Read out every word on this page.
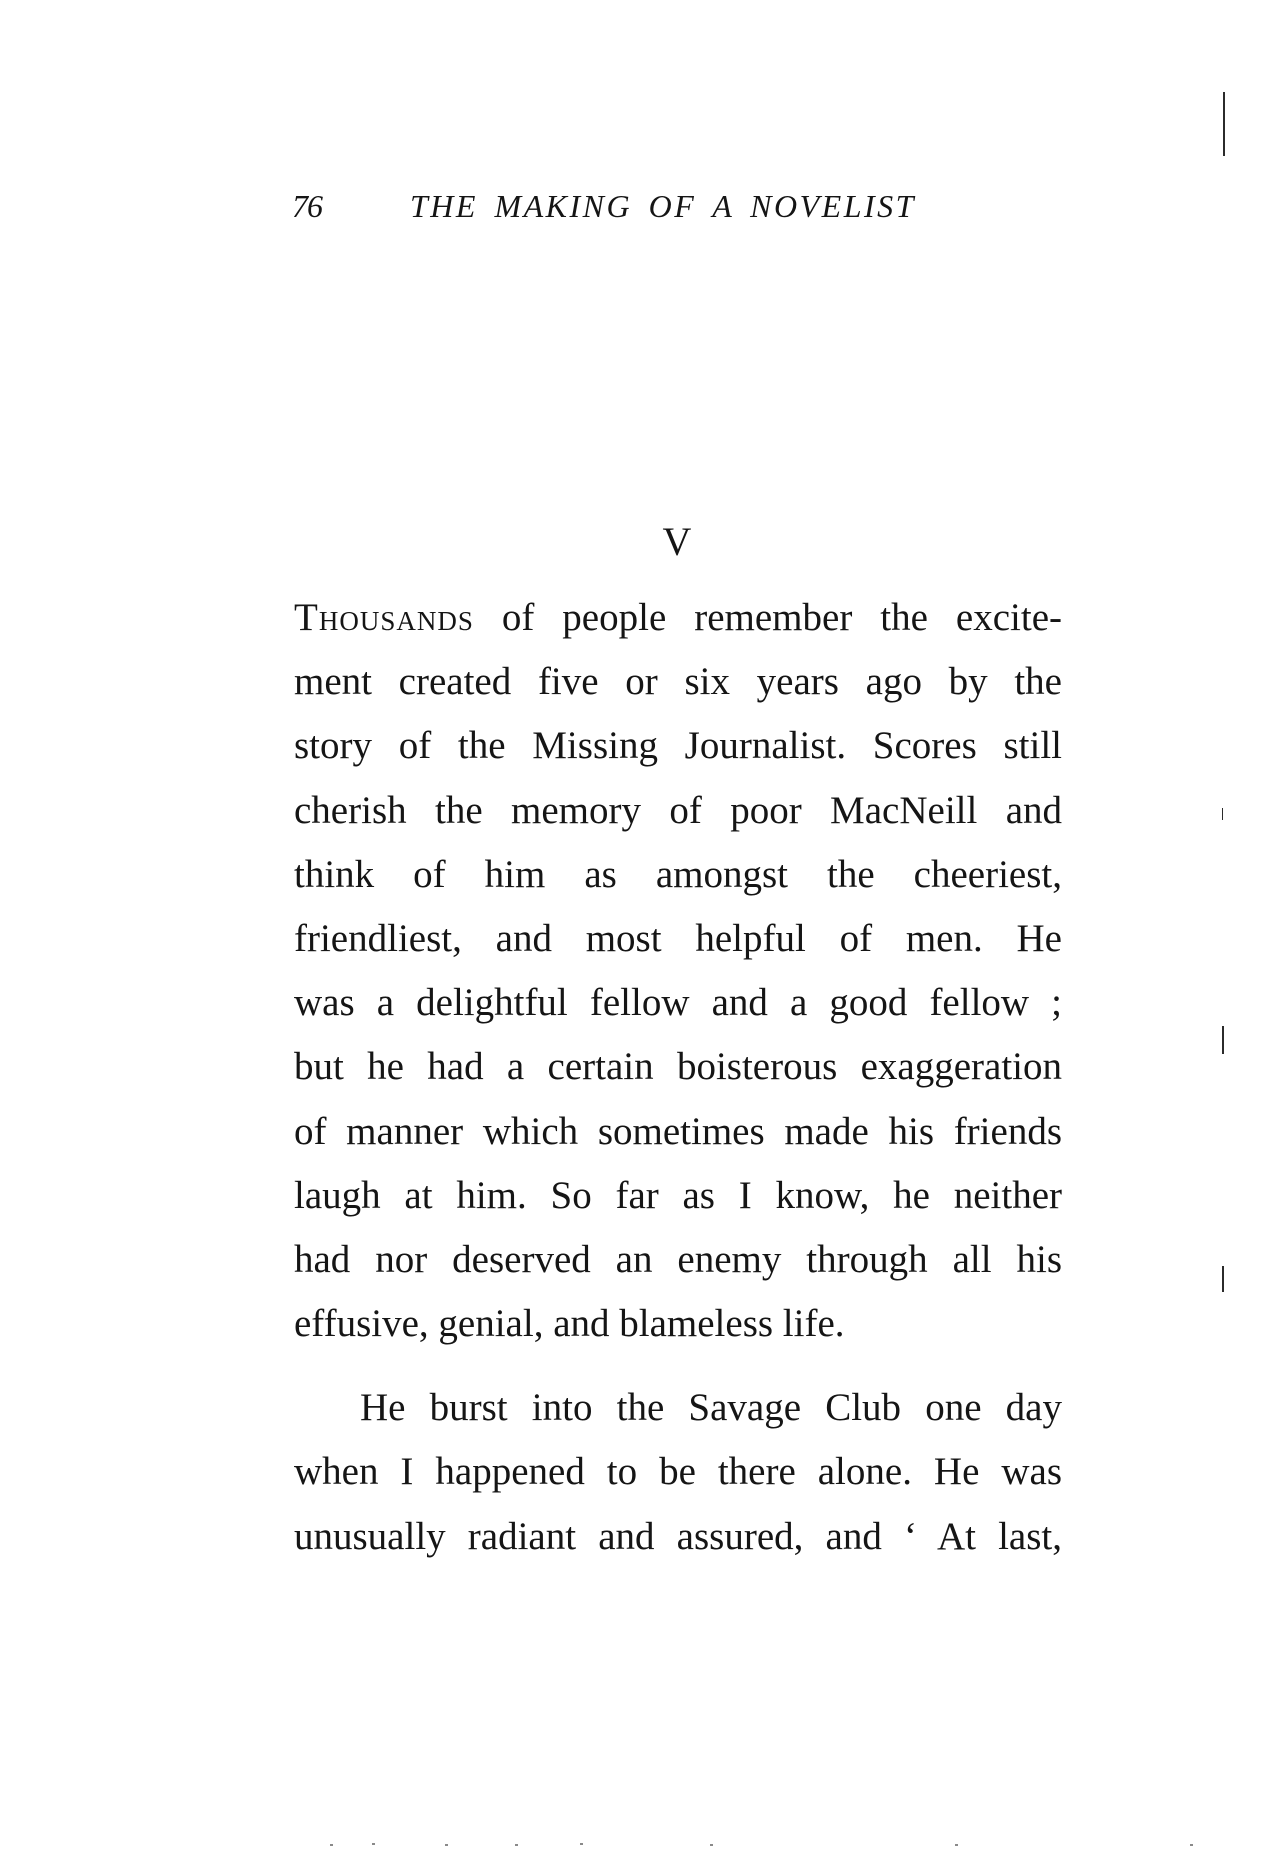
76	THE MAKING OF A NOVELIST
V
Thousands of people remember the excite-
ment created five or six years ago by the
story of the Missing Journalist. Scores still
cherish the memory of poor MacNeill and
think of him as amongst the cheeriest,
friendliest, and most helpful of men. He
was a delightful fellow and a good fellow ;
but he had a certain boisterous exaggeration
of manner which sometimes made his friends
laugh at him. So far as I know, he neither
had nor deserved an enemy through all his
effusive, genial, and blameless life.
He burst into the Savage Club one day
when I happened to be there alone. He was
unusually radiant and assured, and ‘ At last,
